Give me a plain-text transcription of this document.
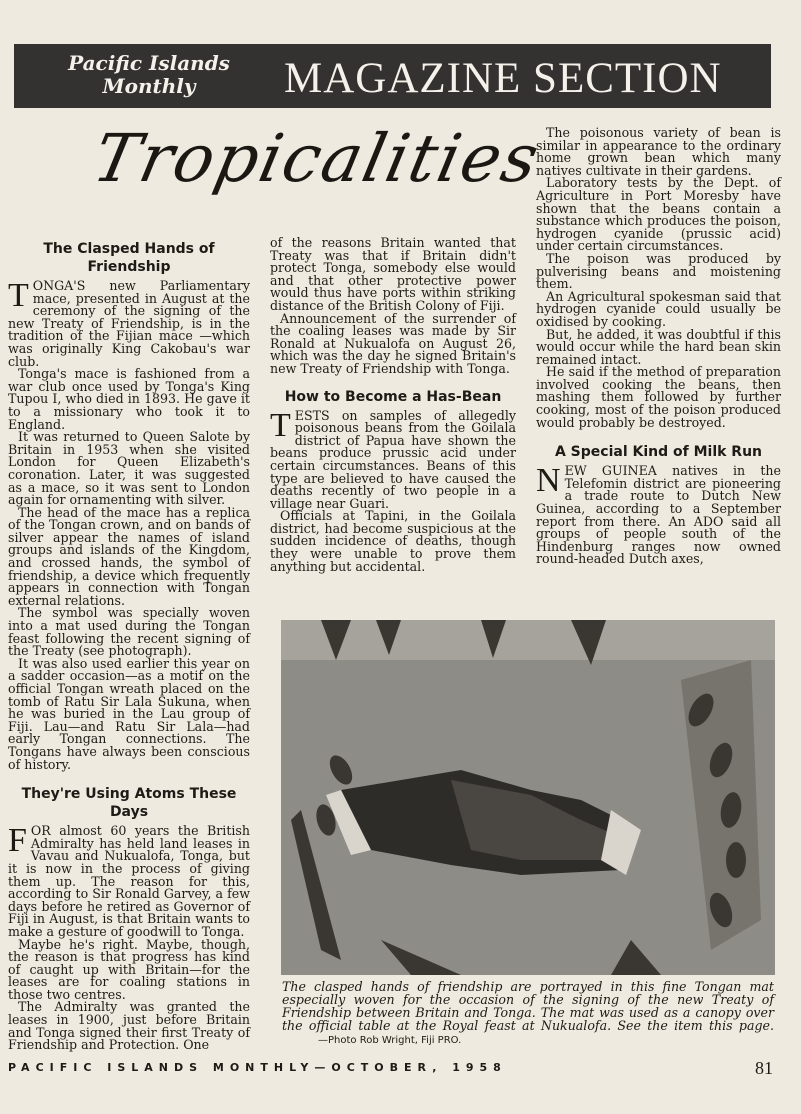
Pacific Islands Monthly	MAGAZINE SECTION
Tropicalities
The Clasped Hands of Friendship

TONGA'S new Parliamentary mace, presented in August at the ceremony of the signing of the new Treaty of Friendship, is in the tradition of the Fijian mace —which was originally King Cakobau's war club.

Tonga's mace is fashioned from a war club once used by Tonga's King Tupou I, who died in 1893. He gave it to a missionary who took it to England.

It was returned to Queen Salote by Britain in 1953 when she visited London for Queen Elizabeth's coronation. Later, it was suggested as a mace, so it was sent to London again for ornamenting with silver.

The head of the mace has a replica of the Tongan crown, and on bands of silver appear the names of island groups and islands of the Kingdom, and crossed hands, the symbol of friendship, a device which frequently appears in connection with Tongan external relations.

The symbol was specially woven into a mat used during the Tongan feast following the recent signing of the Treaty (see photograph).

It was also used earlier this year on a sadder occasion—as a motif on the official Tongan wreath placed on the tomb of Ratu Sir Lala Sukuna, when he was buried in the Lau group of Fiji. Lau—and Ratu Sir Lala—had early Tongan connections. The Tongans have always been conscious of history.

They're Using Atoms These Days

FOR almost 60 years the British Admiralty has held land leases in Vavau and Nukualofa, Tonga, but it is now in the process of giving them up. The reason for this, according to Sir Ronald Garvey, a few days before he retired as Governor of Fiji in August, is that Britain wants to make a gesture of goodwill to Tonga.

Maybe he's right. Maybe, though, the reason is that progress has kind of caught up with Britain—for the leases are for coaling stations in those two centres.

The Admiralty was granted the leases in 1900, just before Britain and Tonga signed their first Treaty of Friendship and Protection. One

of the reasons Britain wanted that Treaty was that if Britain didn't protect Tonga, somebody else would and that other protective power would thus have ports within striking distance of the British Colony of Fiji.

Announcement of the surrender of the coaling leases was made by Sir Ronald at Nukualofa on August 26, which was the day he signed Britain's new Treaty of Friendship with Tonga.

How to Become a Has-Bean

TESTS on samples of allegedly poisonous beans from the Goilala district of Papua have shown the beans produce prussic acid under certain circumstances. Beans of this type are believed to have caused the deaths recently of two people in a village near Guari.

Officials at Tapini, in the Goilala district, had become suspicious at the sudden incidence of deaths, though they were unable to prove them anything but accidental.

The poisonous variety of bean is similar in appearance to the ordinary home grown bean which many natives cultivate in their gardens.

Laboratory tests by the Dept. of Agriculture in Port Moresby have shown that the beans contain a substance which produces the poison, hydrogen cyanide (prussic acid) under certain circumstances.

The poison was produced by pulverising beans and moistening them.

An Agricultural spokesman said that hydrogen cyanide could usually be oxidised by cooking.

But, he added, it was doubtful if this would occur while the hard bean skin remained intact.

He said if the method of preparation involved cooking the beans, then mashing them followed by further cooking, most of the poison produced would probably be destroyed.

A Special Kind of Milk Run

NEW GUINEA natives in the Telefomin district are pioneering a trade route to Dutch New Guinea, according to a September report from there. An ADO said all groups of people south of the Hindenburg ranges now owned round-headed Dutch axes,

The clasped hands of friendship are portrayed in this fine Tongan mat especially woven for the occasion of the signing of the new Treaty of Friendship between Britain and Tonga. The mat was used as a canopy over the official table at the Royal feast at Nukualofa. See the item this page. —Photo Rob Wright, Fiji PRO.
PACIFIC ISLANDS MONTHLY—OCTOBER, 1958	81
